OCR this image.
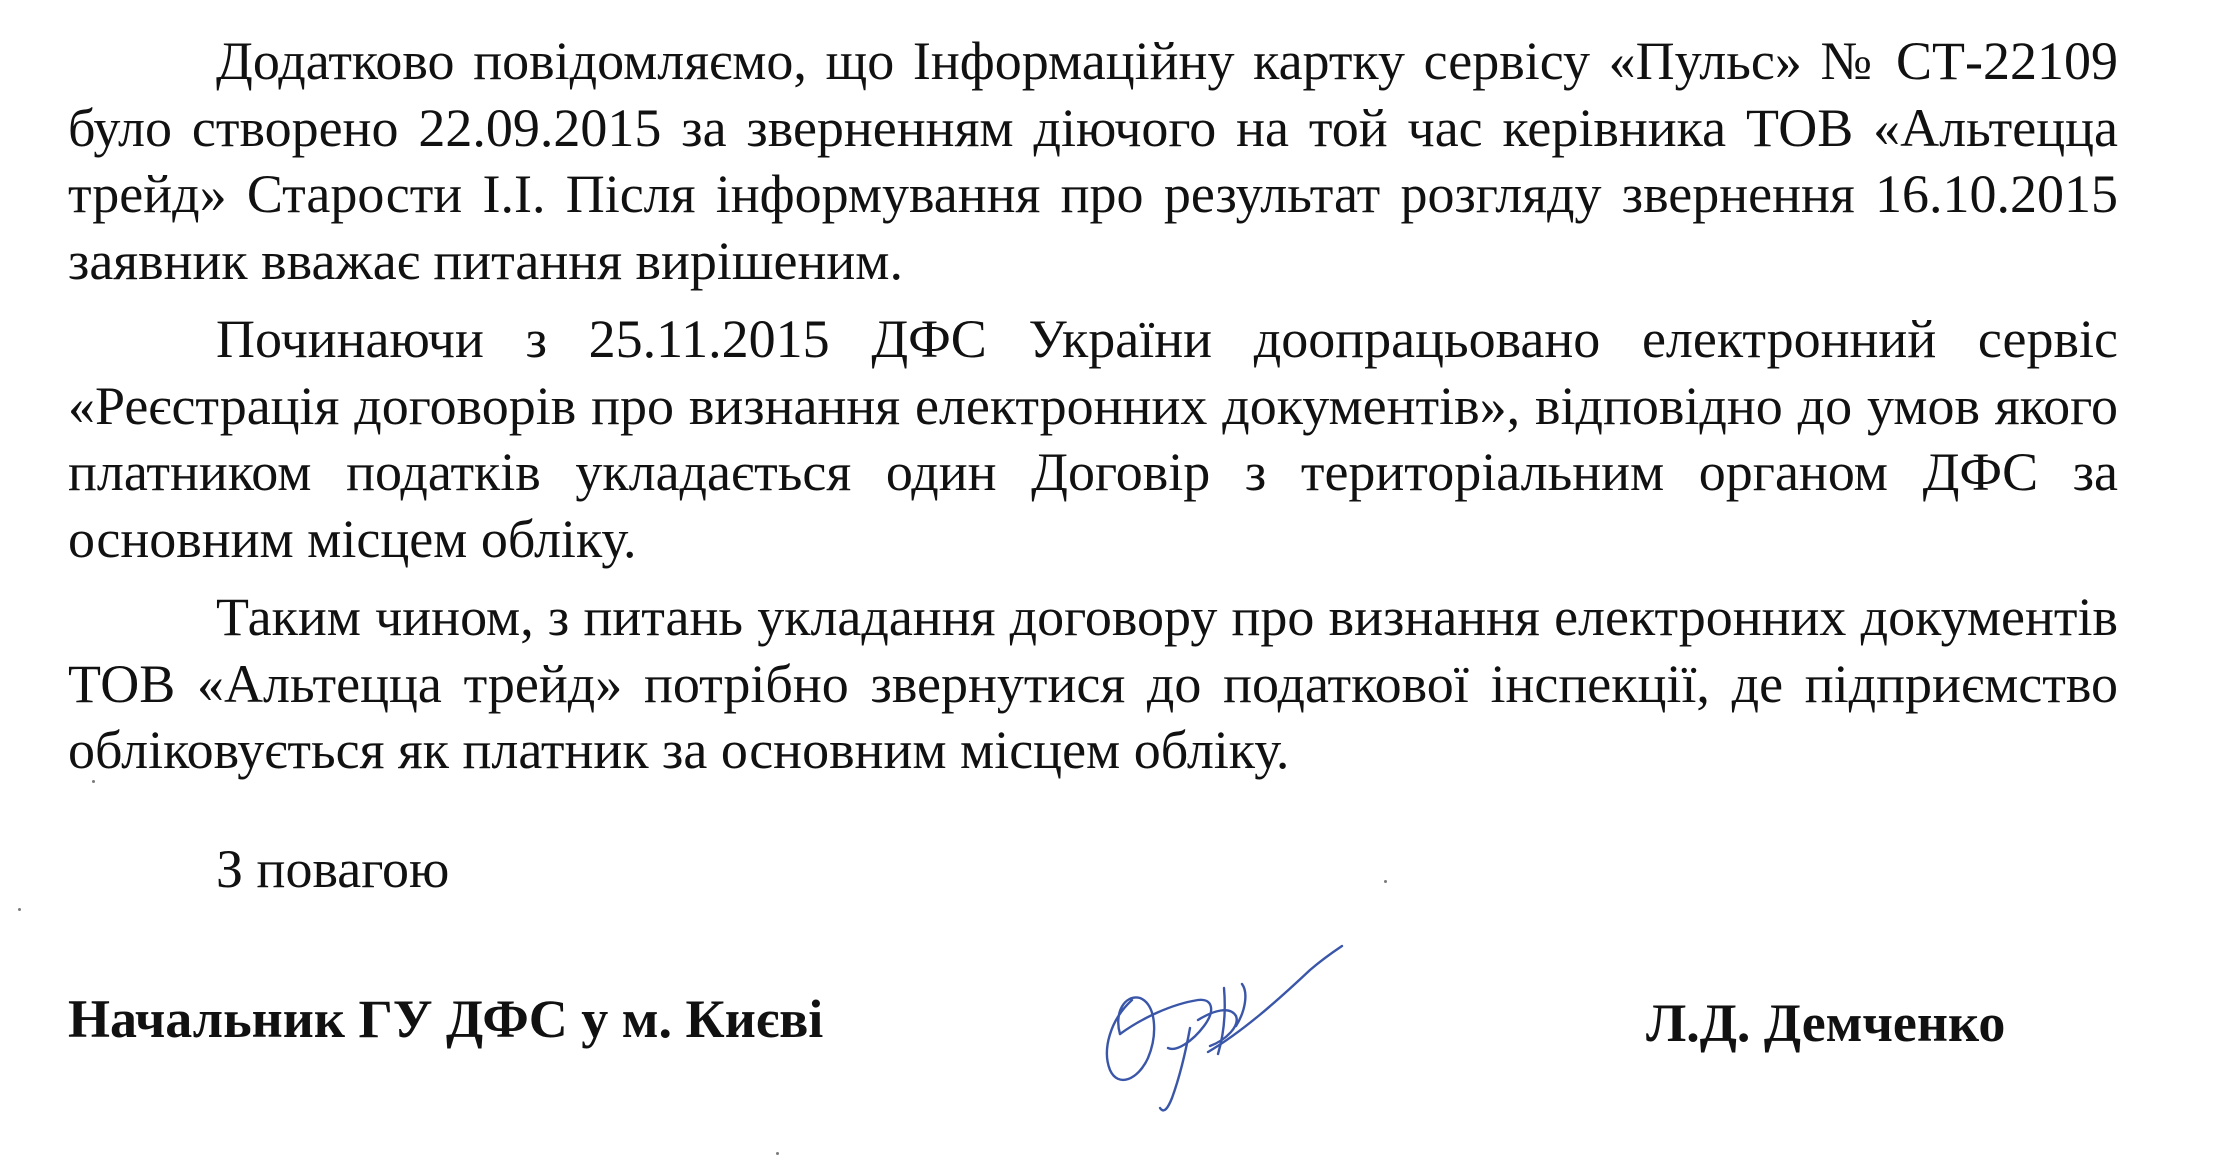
Додатково повідомляємо, що Інформаційну картку сервісу «Пульс» № СТ-22109 було створено 22.09.2015 за зверненням діючого на той час керівника ТОВ «Альтецца трейд» Старости І.І. Після інформування про результат розгляду звернення 16.10.2015 заявник вважає питання вирішеним.

Починаючи з 25.11.2015 ДФС України доопрацьовано електронний сервіс «Реєстрація договорів про визнання електронних документів», відповідно до умов якого платником податків укладається один Договір з територіальним органом ДФС за основним місцем обліку.

Таким чином, з питань укладання договору про визнання електронних документів ТОВ «Альтецца трейд» потрібно звернутися до податкової інспекції, де підприємство обліковується як платник за основним місцем обліку.

З повагою
Начальник ГУ ДФС у м. Києві	Л.Д. Демченко
